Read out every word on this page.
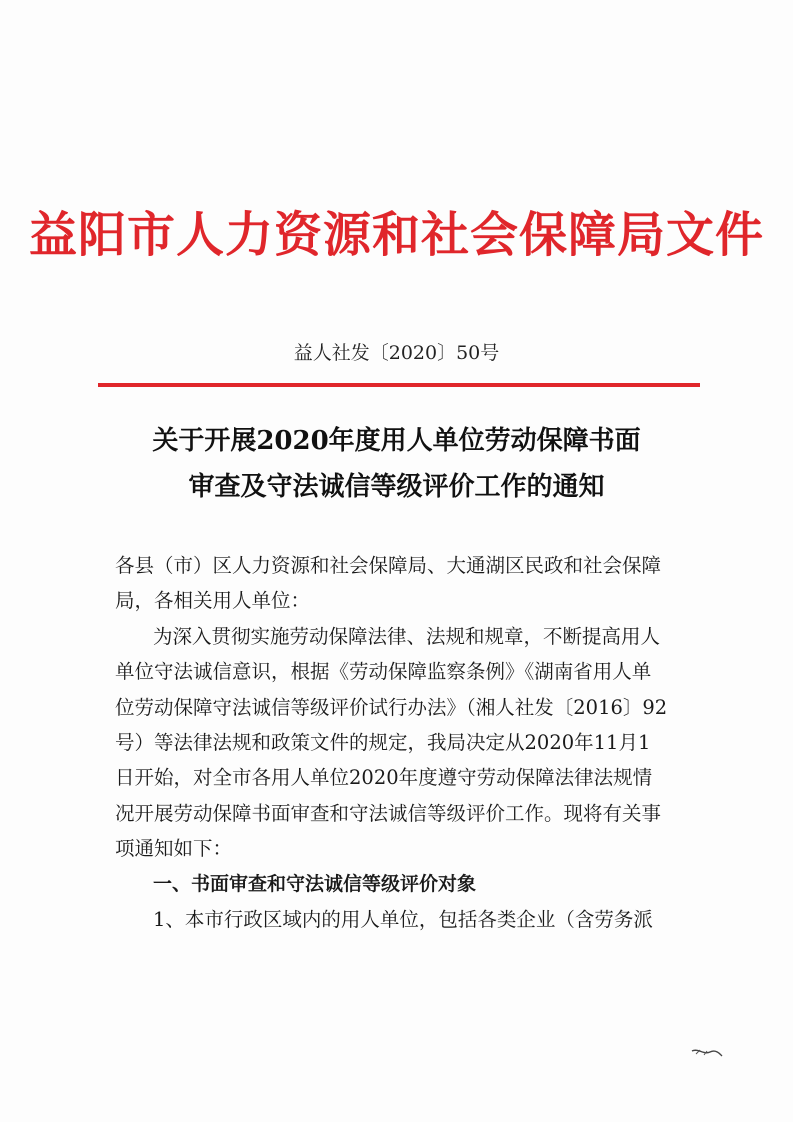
益阳市人力资源和社会保障局文件
益人社发〔2020〕50号
关于开展2020年度用人单位劳动保障书面
审查及守法诚信等级评价工作的通知
各县（市）区人力资源和社会保障局、大通湖区民政和社会保障
局，各相关用人单位：
为深入贯彻实施劳动保障法律、法规和规章，不断提高用人
单位守法诚信意识，根据《劳动保障监察条例》《湖南省用人单
位劳动保障守法诚信等级评价试行办法》（湘人社发〔2016〕92
号）等法律法规和政策文件的规定，我局决定从2020年11月1
日开始，对全市各用人单位2020年度遵守劳动保障法律法规情
况开展劳动保障书面审查和守法诚信等级评价工作。现将有关事
项通知如下：
一、书面审查和守法诚信等级评价对象
1、本市行政区域内的用人单位，包括各类企业（含劳务派
